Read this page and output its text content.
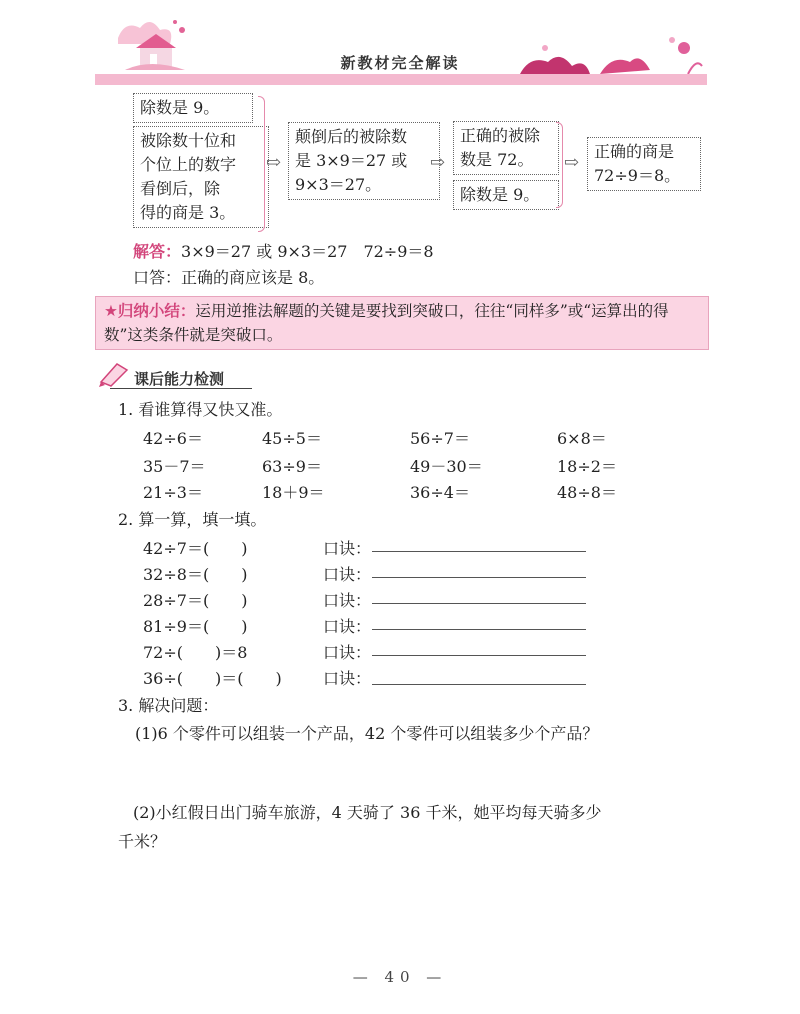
新教材完全解读
除数是 9。
被除数十位和
个位上的数字
看倒后，除
得的商是 3。
⇨
颠倒后的被除数
是 3×9＝27 或
9×3＝27。
⇨
正确的被除
数是 72。
除数是 9。
⇨
正确的商是
72÷9＝8。
解答：3×9＝27 或 9×3＝27　72÷9＝8
口答：正确的商应该是 8。
★归纳小结：运用逆推法解题的关键是要找到突破口，往往“同样多”或“运算出的得数”这类条件就是突破口。
课后能力检测
1. 看谁算得又快又准。
42÷6＝	45÷5＝	56÷7＝	6×8＝
35－7＝	63÷9＝	49－30＝	18÷2＝
21÷3＝	18＋9＝	36÷4＝	48÷8＝
2. 算一算，填一填。
42÷7＝(　　)	口诀：
32÷8＝(　　)	口诀：
28÷7＝(　　)	口诀：
81÷9＝(　　)	口诀：
72÷(　　)＝8	口诀：
36÷(　　)＝(　　)	口诀：
3. 解决问题：
(1)6 个零件可以组装一个产品，42 个零件可以组装多少个产品？
(2)小红假日出门骑车旅游，4 天骑了 36 千米，她平均每天骑多少
千米？
— 40 —
